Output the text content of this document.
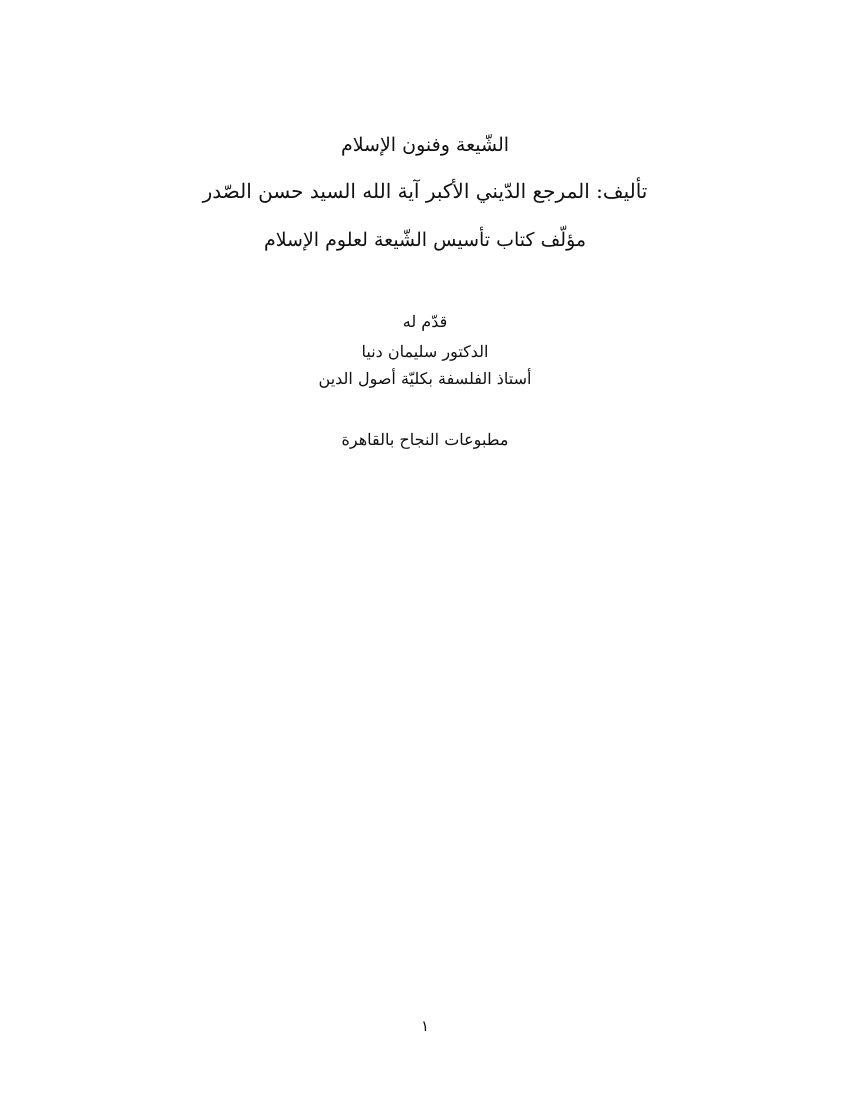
الشّيعة وفنون الإسلام
تأليف: المرجع الدّيني الأكبر آية الله السيد حسن الصّدر
مؤلّف كتاب تأسيس الشّيعة لعلوم الإسلام
قدّم له
الدكتور سليمان دنيا
أستاذ الفلسفة بكليّة أصول الدين
مطبوعات النجاح بالقاهرة
١
